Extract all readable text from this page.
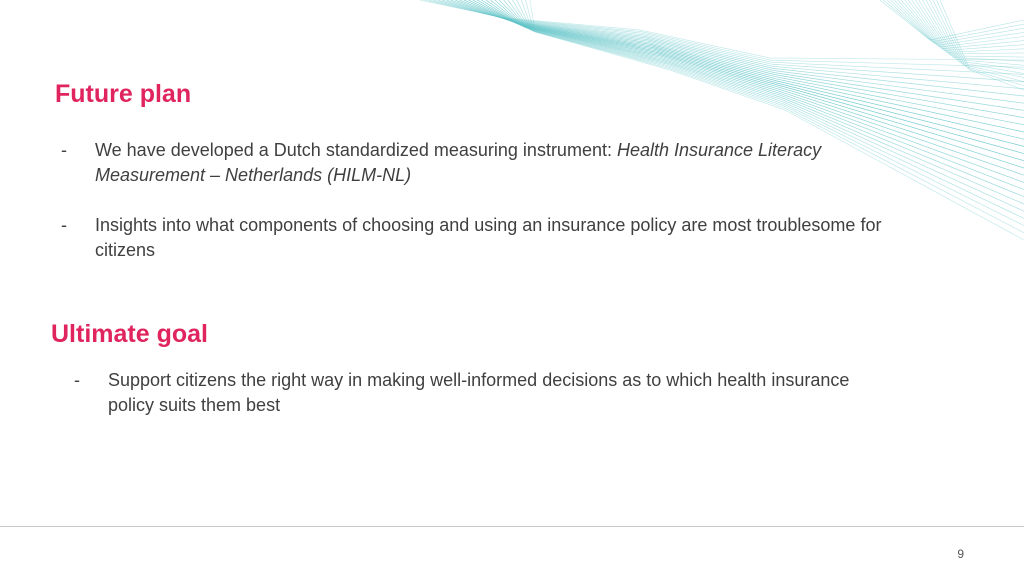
Future plan
- We have developed a Dutch standardized measuring instrument: Health Insurance Literacy Measurement – Netherlands (HILM-NL)
- Insights into what components of choosing and using an insurance policy are most troublesome for citizens
Ultimate goal
- Support citizens the right way in making well-informed decisions as to which health insurance policy suits them best
9
